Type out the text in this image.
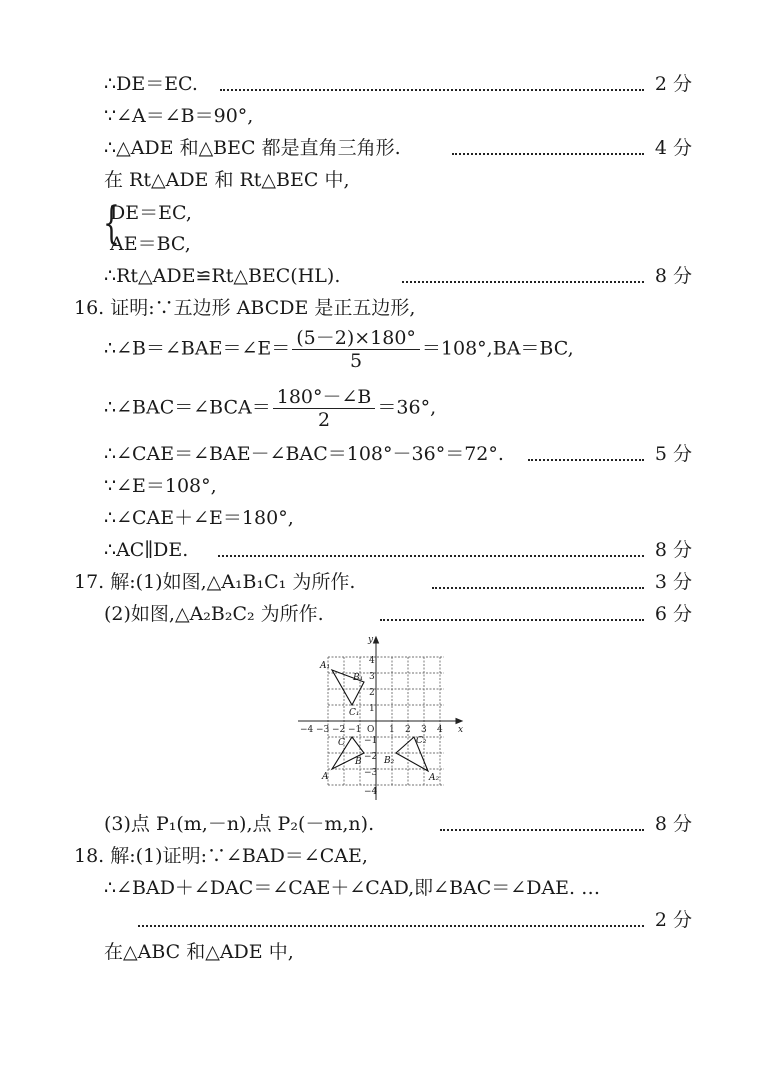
∴DE＝EC.	2 分
∵∠A＝∠B＝90°,
∴△ADE 和△BEC 都是直角三角形.	4 分
在 Rt△ADE 和 Rt△BEC 中,
{
DE＝EC,
AE＝BC,
∴Rt△ADE≌Rt△BEC(HL).	8 分
16. 证明:∵五边形 ABCDE 是正五边形,
∴∠B＝∠BAE＝∠E＝ $\frac{(5-2)\times 180^\circ}{5} =108^\circ,BA=BC$,
∴∠BAC＝∠BCA＝ $\frac{180^\circ-\angle B}{2} =36^\circ$,
∴∠CAE＝∠BAE－∠BAC＝108°－36°＝72°.	5 分
∵∠E＝108°,
∴∠CAE＋∠E＝180°,
∴AC∥DE.	8 分
17. 解:(1)如图,△A₁B₁C₁ 为所作.	3 分
(2)如图,△A₂B₂C₂ 为所作.	6 分
x
y
O
−4 −3 −2 −1	1 2 3 4
4
3
2
1
−1
−2
−3
−4
A₁
B₁
C₁
A
C
B B₂
C₂
A₂
(3)点 P₁(m,－n),点 P₂(－m,n).	8 分
18. 解:(1)证明:∵∠BAD＝∠CAE,
∴∠BAD＋∠DAC＝∠CAE＋∠CAD,即∠BAC＝∠DAE. …
2 分
在△ABC 和△ADE 中,
